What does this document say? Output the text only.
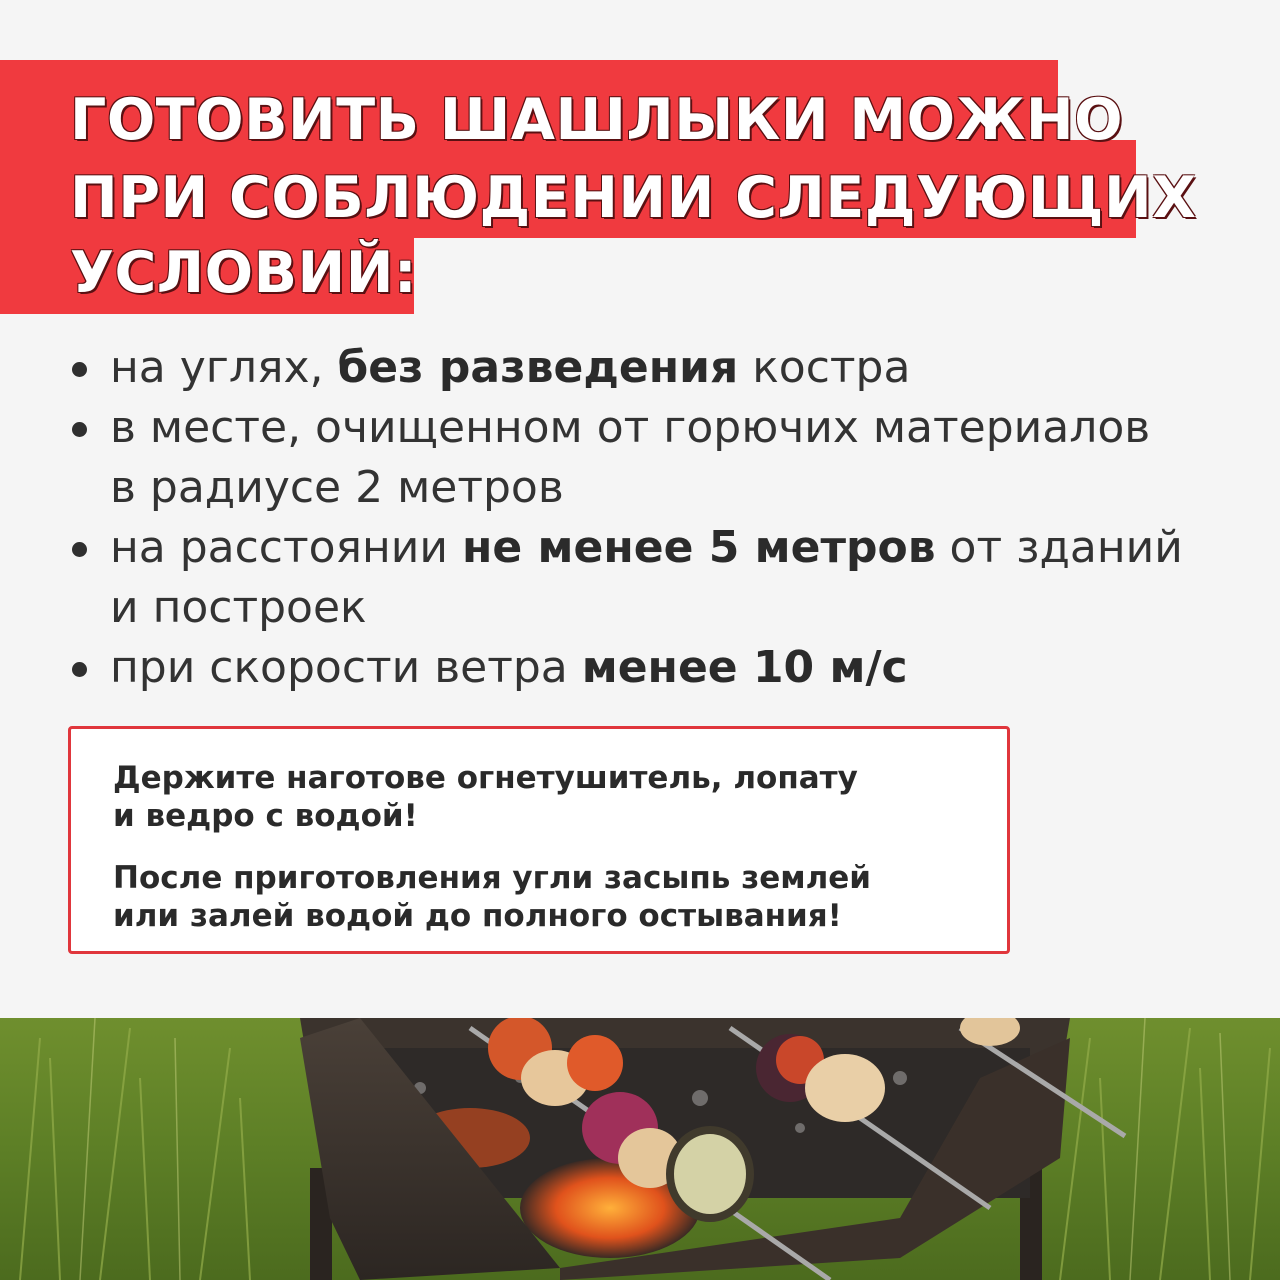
ГОТОВИТЬ ШАШЛЫКИ МОЖНО
ПРИ СОБЛЮДЕНИИ СЛЕДУЮЩИХ
УСЛОВИЙ:
на углях, без разведения костра
в месте, очищенном от горючих материалов
в радиусе 2 метров
на расстоянии не менее 5 метров от зданий
и построек
при скорости ветра менее 10 м/с
Держите наготове огнетушитель, лопату
и ведро с водой!
После приготовления угли засыпь землей
или залей водой до полного остывания!
